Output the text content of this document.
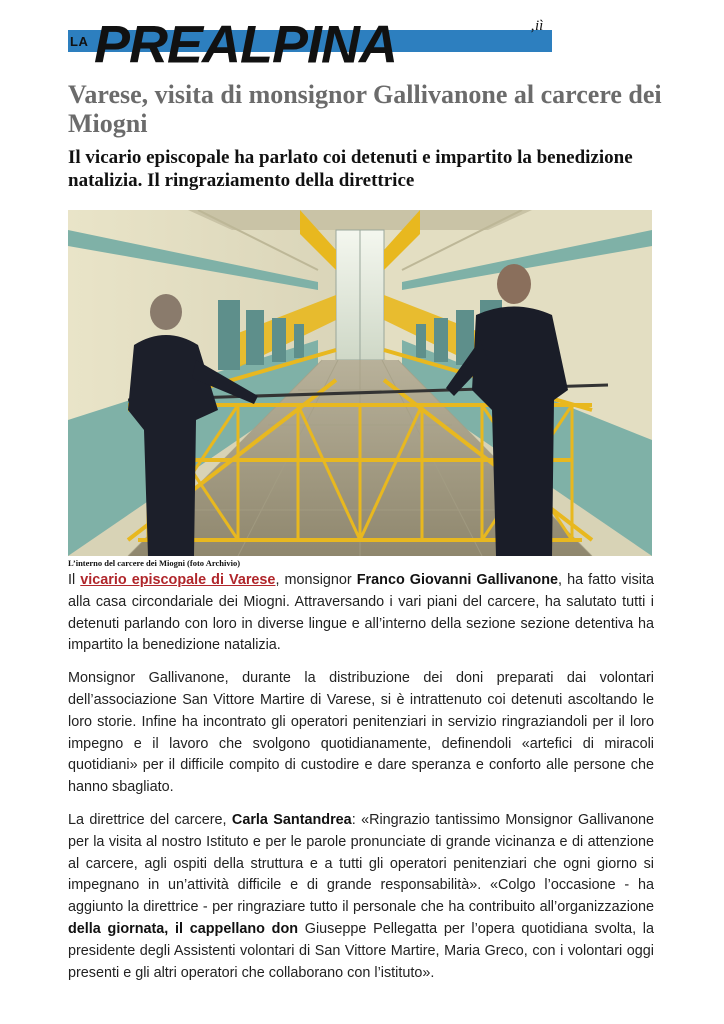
LA PREALPINA	‚iì
Varese, visita di monsignor Gallivanone al carcere dei Miogni
Il vicario episcopale ha parlato coi detenuti e impartito la benedizione natalizia. Il ringraziamento della direttrice
L’interno del carcere dei Miogni (foto Archivio)

Il vicario episcopale di Varese, monsignor Franco Giovanni Gallivanone, ha fatto visita alla casa circondariale dei Miogni. Attraversando i vari piani del carcere, ha salutato tutti i detenuti parlando con loro in diverse lingue e all’interno della sezione sezione detentiva ha impartito la benedizione natalizia.

Monsignor Gallivanone, durante la distribuzione dei doni preparati dai volontari dell’associazione San Vittore Martire di Varese, si è intrattenuto coi detenuti ascoltando le loro storie. Infine ha incontrato gli operatori penitenziari in servizio ringraziandoli per il loro impegno e il lavoro che svolgono quotidianamente, definendoli «artefici di miracoli quotidiani» per il difficile compito di custodire e dare speranza e conforto alle persone che hanno sbagliato.

La direttrice del carcere, Carla Santandrea: «Ringrazio tantissimo Monsignor Gallivanone per la visita al nostro Istituto e per le parole pronunciate di grande vicinanza e di attenzione al carcere, agli ospiti della struttura e a tutti gli operatori penitenziari che ogni giorno si impegnano in un’attività difficile e di grande responsabilità». «Colgo l’occasione - ha aggiunto la direttrice - per ringraziare tutto il personale che ha contribuito all’organizzazione della giornata, il cappellano don Giuseppe Pellegatta per l’opera quotidiana svolta, la presidente degli Assistenti volontari di San Vittore Martire, Maria Greco, con i volontari oggi presenti e gli altri operatori che collaborano con l’istituto».
